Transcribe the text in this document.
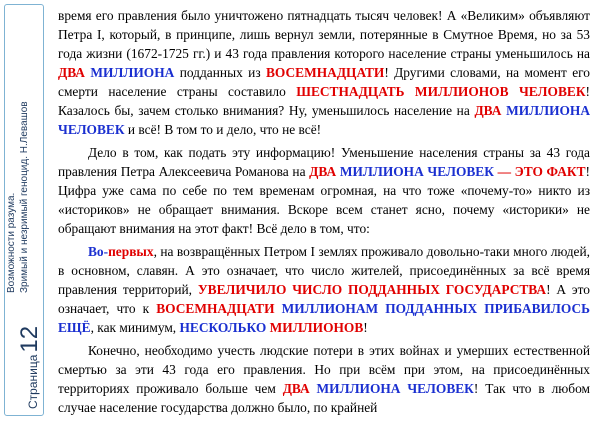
Возможности разума. Зримый и незримый геноцид. Н.Левашов
Страница12

время его правления было уничтожено пятнадцать тысяч человек! А «Великим» объявляют Петра I, который, в принципе, лишь вернул земли, потерянные в Смутное Время, но за 53 года жизни (1672-1725 гг.) и 43 года правления которого население страны уменьшилось на ДВА МИЛЛИОНА подданных из ВОСЕМНАДЦАТИ! Другими словами, на момент его смерти население страны составило ШЕСТНАДЦАТЬ МИЛЛИОНОВ ЧЕЛОВЕК! Казалось бы, зачем столько внимания? Ну, уменьшилось население на ДВА МИЛЛИОНА ЧЕЛОВЕК и всё! В том то и дело, что не всё!

Дело в том, как подать эту информацию! Уменьшение населения страны за 43 года правления Петра Алексеевича Романова на ДВА МИЛЛИОНА ЧЕЛОВЕК — ЭТО ФАКТ! Цифра уже сама по себе по тем временам огромная, на что тоже «почему-то» никто из «историков» не обращает внимания. Вскоре всем станет ясно, почему «историки» не обращают внимания на этот факт! Всё дело в том, что:

Во-первых, на возвращённых Петром I землях проживало довольно-таки много людей, в основном, славян. А это означает, что число жителей, присоединённых за всё время правления территорий, УВЕЛИЧИЛО ЧИСЛО ПОДДАННЫХ ГОСУДАРСТВА! А это означает, что к ВОСЕМНАДЦАТИ МИЛЛИОНАМ ПОДДАННЫХ ПРИБАВИЛОСЬ ЕЩЁ, как минимум, НЕСКОЛЬКО МИЛЛИОНОВ!

Конечно, необходимо учесть людские потери в этих войнах и умерших естественной смертью за эти 43 года его правления. Но при всём при этом, на присоединённых территориях проживало больше чем ДВА МИЛЛИОНА ЧЕЛОВЕК! Так что в любом случае население государства должно было, по крайней
